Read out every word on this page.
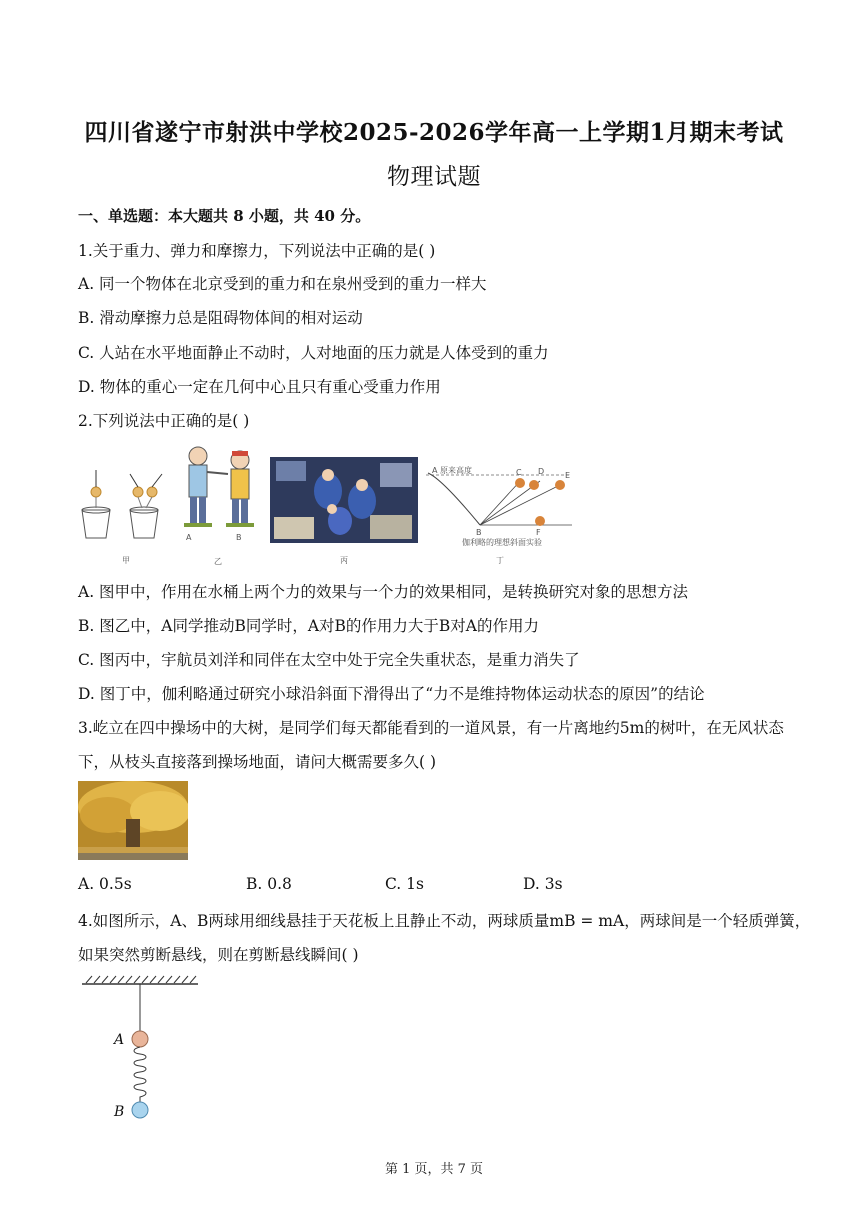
四川省遂宁市射洪中学校2025-2026学年高一上学期1月期末考试
物理试题
一、单选题：本大题共 8 小题，共 40 分。
1.关于重力、弹力和摩擦力，下列说法中正确的是( )
A. 同一个物体在北京受到的重力和在泉州受到的重力一样大
B. 滑动摩擦力总是阻碍物体间的相对运动
C. 人站在水平地面静止不动时，人对地面的压力就是人体受到的重力
D. 物体的重心一定在几何中心且只有重心受重力作用
2.下列说法中正确的是( )
甲
A	B
乙	丙
A 原来高度	C D	E
B	F
伽利略的理想斜面实验
丁
A. 图甲中，作用在水桶上两个力的效果与一个力的效果相同，是转换研究对象的思想方法
B. 图乙中，A同学推动B同学时，A对B的作用力大于B对A的作用力
C. 图丙中，宇航员刘洋和同伴在太空中处于完全失重状态，是重力消失了
D. 图丁中，伽利略通过研究小球沿斜面下滑得出了“力不是维持物体运动状态的原因”的结论
3.屹立在四中操场中的大树，是同学们每天都能看到的一道风景，有一片离地约5m的树叶，在无风状态
下，从枝头直接落到操场地面，请问大概需要多久( )
A. 0.5s	B. 0.8	C. 1s	D. 3s
4.如图所示，A、B两球用细线悬挂于天花板上且静止不动，两球质量mB = mA，两球间是一个轻质弹簧，
如果突然剪断悬线，则在剪断悬线瞬间( )
A
B
第 1 页，共 7 页
